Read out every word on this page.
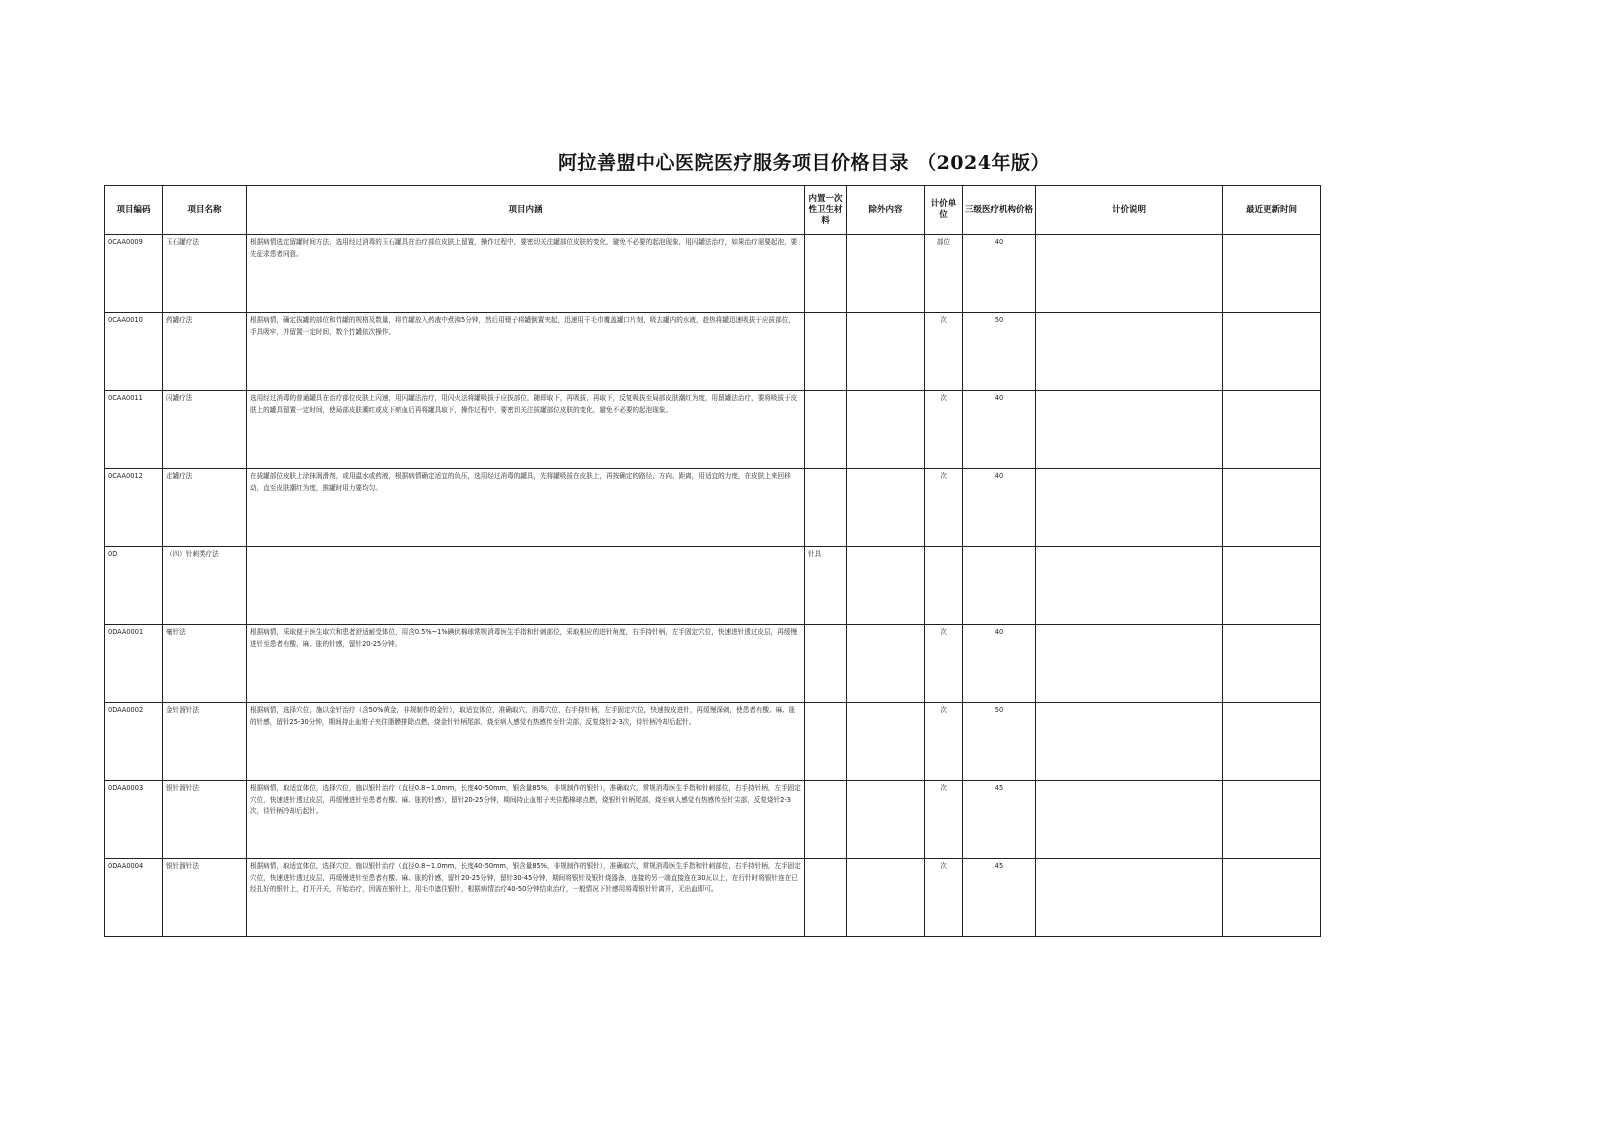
阿拉善盟中心医院医疗服务项目价格目录 （2024年版）
项目编码	项目名称	项目内涵	内置一次性卫生材料	除外内容	计价单位	三级医疗机构价格	计价说明	最近更新时间
0CAA0009	玉石罐疗法	根据病情选定留罐时间方法，选用经过消毒的玉石罐具在治疗部位皮肤上留置，操作过程中，要密切关注罐部位皮肤的变化，避免不必要的起泡现象，用闪罐法治疗，如果治疗需要起泡，要先征求患者同意。			部位	40		
0CAA0010	药罐疗法	根据病情，确定拔罐的部位和竹罐的规格及数量，将竹罐放入药液中煮沸5分钟，然后用镊子将罐倒置夹起，迅速用干毛巾覆盖罐口片刻，吸去罐内的水液，趁热将罐迅速吸拔于应拔部位，手具吸牢，并留置一定时间，数个竹罐依次操作。			次	50		
0CAA0011	闪罐疗法	选用经过消毒的普通罐具在治疗部位皮肤上闪速，用闪罐法治疗，用闪火法将罐吸拔于应拔部位，随即取下，再吸拔，再取下，反复吸拔至局部皮肤潮红为度，用留罐法治疗，要将吸拔于皮肤上的罐具留置一定时间，使局部皮肤潮红或皮下瘀血后再将罐具取下，操作过程中，要密切关注拔罐部位皮肤的变化，避免不必要的起泡现象。			次	40		
0CAA0012	走罐疗法	在拔罐部位皮肤上涂抹润滑剂，或用温水或药液，根据病情确定适宜的负压，选用经过消毒的罐具，先将罐吸拔在皮肤上，再按确定的路径、方向、距离，用适宜的力度，在皮肤上来回移动，直至皮肤潮红为度，推罐时用力要均匀。			次	40		
0D	（四）针刺类疗法		针具					
0DAA0001	毫针法	根据病情，采取便于医生取穴和患者舒适耐受体位，用含0.5%~1%碘伏棉球常规消毒医生手指和针刺部位，采取相应的进针角度，右手持针柄，左手固定穴位，快速进针透过皮层，再缓慢进针至患者有酸、麻、胀的针感，留针20-25分钟。			次	40		
0DAA0002	金针溜针法	根据病情，选择穴位，施以金针治疗（含50%黄金，非规制作的金针），取适宜体位，准确取穴，消毒穴位，右手持针柄，左手固定穴位，快速按皮进针，再缓慢深刺，使患者有酸、麻、胀的针感，留针25-30分钟，期间持止血钳子夹住脂膜排除点燃，烧金针针柄尾部，烧至病人感觉有热感传至针尖部，反复烧针2-3次，待针柄冷却后起针。			次	50		
0DAA0003	银针溜针法	根据病情，取适宜体位，选择穴位，施以银针治疗（直径0.8~1.0mm，长度40-50mm，银含量85%，非规制作的银针），准确取穴，常规消毒医生手指和针刺部位，右手持针柄，左手固定穴位，快速进针透过皮层，再缓慢进针至患者有酸、麻、胀的针感），留针20-25分钟，期间持止血钳子夹住酯棉球点燃，烧银针针柄尾部，烧至病人感觉有热感传至针尖部，反复烧针2-3次，待针柄冷却后起针。			次	45		
0DAA0004	银针溜针法	根据病情，取适宜体位，选择穴位，施以银针治疗（直径0.8~1.0mm，长度40-50mm，银含量85%，非规制作的银针），准确取穴，常规消毒医生手指和针刺部位，右手持针柄，左手固定穴位，快速进针透过皮层，再缓慢进针至患者有酸、麻、胀的针感，留针20-25分钟，留针30-45分钟，期间将银针及银针烧器备，连接的另一端直接连在30瓦以上，在行针时将银针连在已经扎好的银针上，打开开关，开始治疗，因需在银针上，用毛巾遮住银针，根据病情治疗40-50分钟结束治疗，一般情况下针感用将毒银针针离开，无出血即可。			次	45		
